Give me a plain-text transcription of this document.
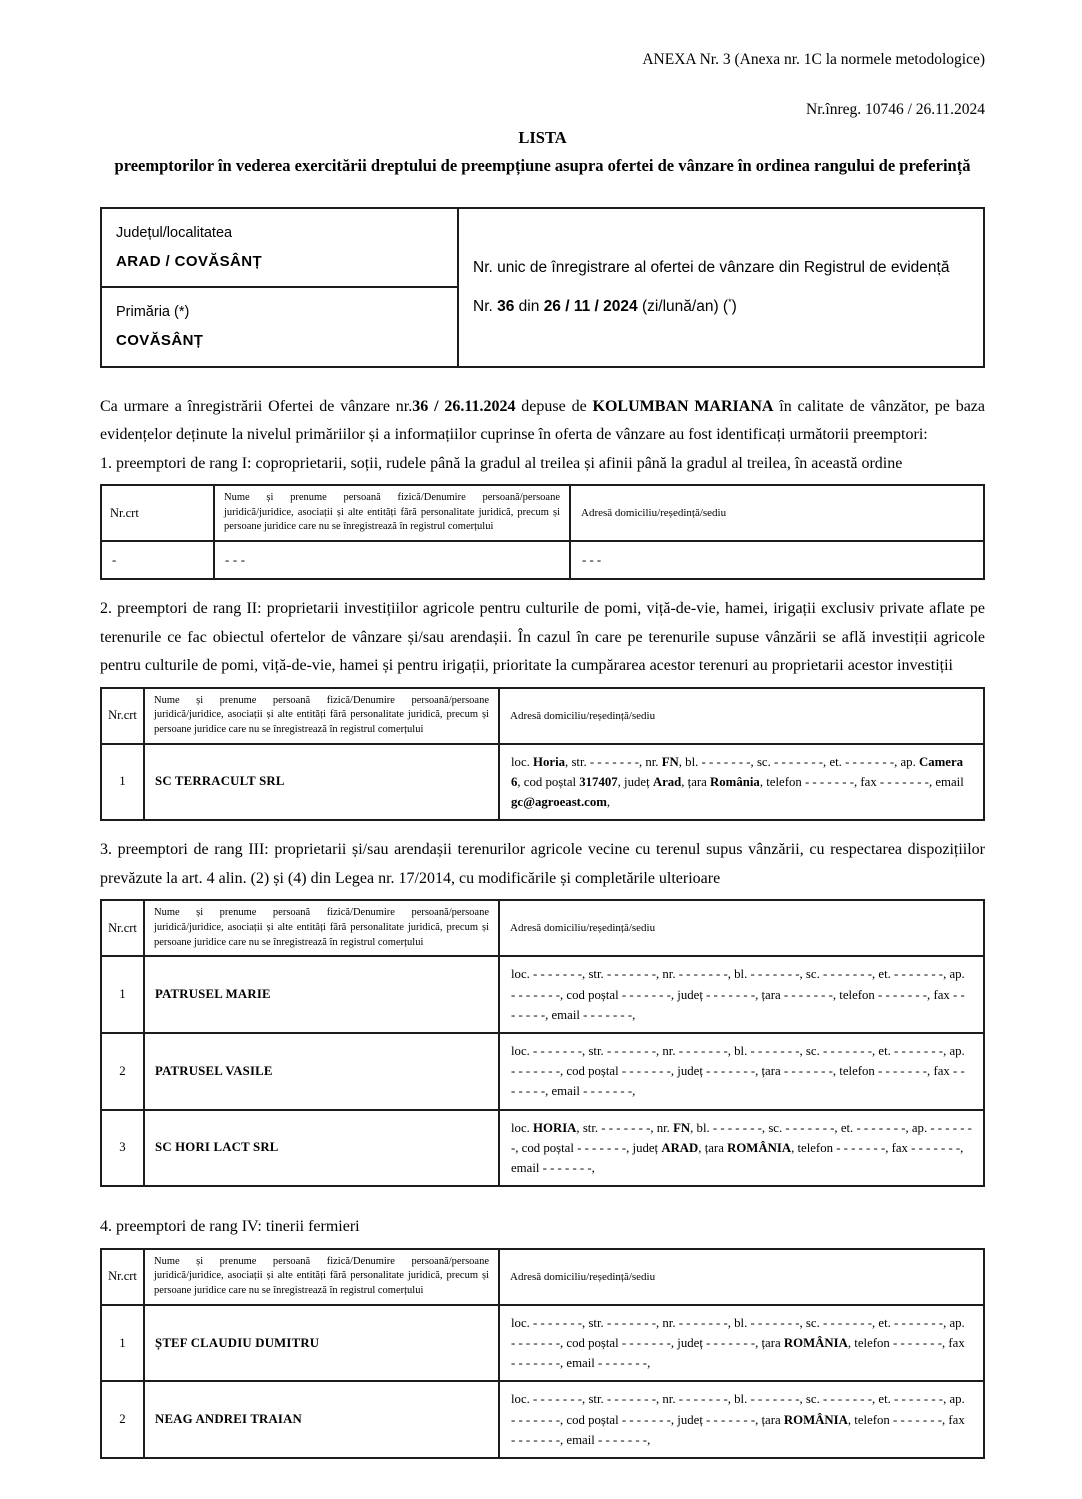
ANEXA Nr. 3 (Anexa nr. 1C la normele metodologice)
Nr.înreg. 10746 / 26.11.2024
LISTA
preemptorilor în vederea exercitării dreptului de preempțiune asupra ofertei de vânzare în ordinea rangului de preferință
Județul/localitatea
ARAD / COVĂSÂNȚ	Nr. unic de înregistrare al ofertei de vânzare din Registrul de evidență
Nr. 36 din 26 / 11 / 2024 (zi/lună/an) (*)

Primăria (*)
COVĂSÂNȚ

Ca urmare a înregistrării Ofertei de vânzare nr.36 / 26.11.2024 depuse de KOLUMBAN MARIANA în calitate de vânzător, pe baza evidențelor deținute la nivelul primăriilor și a informațiilor cuprinse în oferta de vânzare au fost identificați următorii preemptori:

1. preemptori de rang I: coproprietarii, soții, rudele până la gradul al treilea și afinii până la gradul al treilea, în această ordine
Nr.crt	Nume și prenume persoană fizică/Denumire persoană/persoane juridică/juridice, asociații și alte entități fără personalitate juridică, precum și persoane juridice care nu se înregistrează în registrul comerțului	Adresă domiciliu/reședință/sediu
-	- - -	- - -
2. preemptori de rang II: proprietarii investițiilor agricole pentru culturile de pomi, viță-de-vie, hamei, irigații exclusiv private aflate pe terenurile ce fac obiectul ofertelor de vânzare și/sau arendașii. În cazul în care pe terenurile supuse vânzării se află investiții agricole pentru culturile de pomi, viță-de-vie, hamei și pentru irigații, prioritate la cumpărarea acestor terenuri au proprietarii acestor investiții
Nr.crt	Nume și prenume persoană fizică/Denumire persoană/persoane juridică/juridice, asociații și alte entități fără personalitate juridică, precum și persoane juridice care nu se înregistrează în registrul comerțului	Adresă domiciliu/reședință/sediu
1	SC TERRACULT SRL	loc. Horia, str. - - - - - - -, nr. FN, bl. - - - - - - -, sc. - - - - - - -, et. - - - - - - -, ap. Camera 6, cod poștal 317407, județ Arad, țara România, telefon - - - - - - -, fax - - - - - - -, email gc@agroeast.com,
3. preemptori de rang III: proprietarii și/sau arendașii terenurilor agricole vecine cu terenul supus vânzării, cu respectarea dispozițiilor prevăzute la art. 4 alin. (2) și (4) din Legea nr. 17/2014, cu modificările și completările ulterioare
Nr.crt	Nume și prenume persoană fizică/Denumire persoană/persoane juridică/juridice, asociații și alte entități fără personalitate juridică, precum și persoane juridice care nu se înregistrează în registrul comerțului	Adresă domiciliu/reședință/sediu
1	PATRUSEL MARIE	loc. - - - - - - -, str. - - - - - - -, nr. - - - - - - -, bl. - - - - - - -, sc. - - - - - - -, et. - - - - - - -, ap. - - - - - - -, cod poștal - - - - - - -, județ - - - - - - -, țara - - - - - - -, telefon - - - - - - -, fax - - - - - - -, email - - - - - - -,
2	PATRUSEL VASILE	loc. - - - - - - -, str. - - - - - - -, nr. - - - - - - -, bl. - - - - - - -, sc. - - - - - - -, et. - - - - - - -, ap. - - - - - - -, cod poștal - - - - - - -, județ - - - - - - -, țara - - - - - - -, telefon - - - - - - -, fax - - - - - - -, email - - - - - - -,
3	SC HORI LACT SRL	loc. HORIA, str. - - - - - - -, nr. FN, bl. - - - - - - -, sc. - - - - - - -, et. - - - - - - -, ap. - - - - - - -, cod poștal - - - - - - -, județ ARAD, țara ROMÂNIA, telefon - - - - - - -, fax - - - - - - -, email - - - - - - -,
4. preemptori de rang IV: tinerii fermieri
Nr.crt	Nume și prenume persoană fizică/Denumire persoană/persoane juridică/juridice, asociații și alte entități fără personalitate juridică, precum și persoane juridice care nu se înregistrează în registrul comerțului	Adresă domiciliu/reședință/sediu
1	ȘTEF CLAUDIU DUMITRU	loc. - - - - - - -, str. - - - - - - -, nr. - - - - - - -, bl. - - - - - - -, sc. - - - - - - -, et. - - - - - - -, ap. - - - - - - -, cod poștal - - - - - - -, județ - - - - - - -, țara ROMÂNIA, telefon - - - - - - -, fax - - - - - - -, email - - - - - - -,
2	NEAG ANDREI TRAIAN	loc. - - - - - - -, str. - - - - - - -, nr. - - - - - - -, bl. - - - - - - -, sc. - - - - - - -, et. - - - - - - -, ap. - - - - - - -, cod poștal - - - - - - -, județ - - - - - - -, țara ROMÂNIA, telefon - - - - - - -, fax - - - - - - -, email - - - - - - -,
